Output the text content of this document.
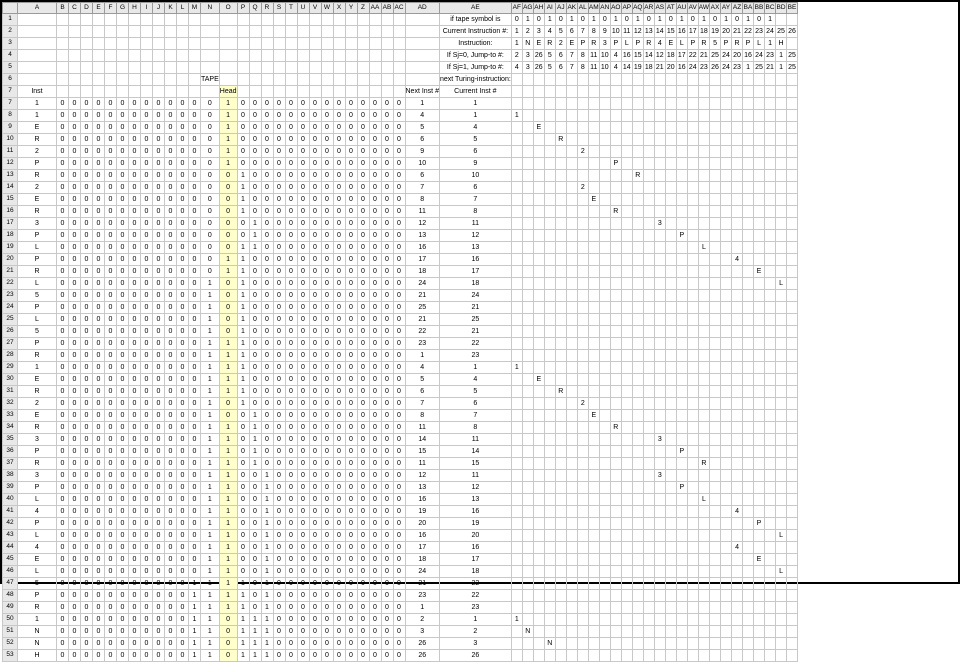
	A	B	C	D	E	F	G	H	I	J	K	L	M	N	O	P	Q	R	S	T	U	V	W	X	Y	Z	AA	AB	AC	AD	AE	AF	AG	AH	AI	AJ	AK	AL	AM	AN	AO	AP	AQ	AR	AS	AT	AU	AV	AW	AX	AY	AZ	BA	BB	BC	BD	BE
1																															if tape symbol is	0	1	0	1	0	1	0	1	0	1	0	1	0	1	0	1	0	1	0	1	0	1	0	1		
2																															Current Instruction #:	1	2	3	4	5	6	7	8	9	10	11	12	13	14	15	16	17	18	19	20	21	22	23	24	25	26
3																															Instruction:	1	N	E	R	2	E	P	R	3	P	L	P	R	4	E	L	P	R	5	P	R	P	L	1	H	
4																															If Sj=0, Jump-to #:	2	3	26	5	6	7	8	11	10	4	16	15	14	12	18	17	22	21	25	24	20	16	24	23	1	25
5																															If Sj=1, Jump-to #:	4	3	26	5	6	7	8	11	10	4	14	19	18	21	20	16	24	23	26	24	23	1	25	21	1	25
6														TAPE																	next Turing-instruction:																										
7	Inst														Head															Next Inst #	Current Inst #																										
7	1	0	0	0	0	0	0	0	0	0	0	0	0	0	1	0	0	0	0	0	0	0	0	0	0	0	0	0	0	1	1																										
8	1	0	0	0	0	0	0	0	0	0	0	0	0	0	1	0	0	0	0	0	0	0	0	0	0	0	0	0	0	4	1	1																									
9	E	0	0	0	0	0	0	0	0	0	0	0	0	0	1	0	0	0	0	0	0	0	0	0	0	0	0	0	0	5	4			E																							
10	R	0	0	0	0	0	0	0	0	0	0	0	0	0	1	0	0	0	0	0	0	0	0	0	0	0	0	0	0	6	5					R																					
11	2	0	0	0	0	0	0	0	0	0	0	0	0	0	1	0	0	0	0	0	0	0	0	0	0	0	0	0	0	9	6							2																			
12	P	0	0	0	0	0	0	0	0	0	0	0	0	0	1	0	0	0	0	0	0	0	0	0	0	0	0	0	0	10	9										P																
13	R	0	0	0	0	0	0	0	0	0	0	0	0	0	0	1	0	0	0	0	0	0	0	0	0	0	0	0	0	6	10												R														
14	2	0	0	0	0	0	0	0	0	0	0	0	0	0	0	1	0	0	0	0	0	0	0	0	0	0	0	0	0	7	6							2																			
15	E	0	0	0	0	0	0	0	0	0	0	0	0	0	0	1	0	0	0	0	0	0	0	0	0	0	0	0	0	8	7								E																		
16	R	0	0	0	0	0	0	0	0	0	0	0	0	0	0	1	0	0	0	0	0	0	0	0	0	0	0	0	0	11	8										R																
17	3	0	0	0	0	0	0	0	0	0	0	0	0	0	0	0	1	0	0	0	0	0	0	0	0	0	0	0	0	12	11														3												
18	P	0	0	0	0	0	0	0	0	0	0	0	0	0	0	0	1	0	0	0	0	0	0	0	0	0	0	0	0	13	12																P										
19	L	0	0	0	0	0	0	0	0	0	0	0	0	0	0	1	1	0	0	0	0	0	0	0	0	0	0	0	0	16	13																		L								
20	P	0	0	0	0	0	0	0	0	0	0	0	0	0	1	1	0	0	0	0	0	0	0	0	0	0	0	0	0	17	16																					4					
21	R	0	0	0	0	0	0	0	0	0	0	0	0	0	1	1	0	0	0	0	0	0	0	0	0	0	0	0	0	18	17																							E			
22	L	0	0	0	0	0	0	0	0	0	0	0	0	1	0	1	0	0	0	0	0	0	0	0	0	0	0	0	0	24	18																									L	
23	5	0	0	0	0	0	0	0	0	0	0	0	0	1	0	1	0	0	0	0	0	0	0	0	0	0	0	0	0	21	24																										
24	P	0	0	0	0	0	0	0	0	0	0	0	0	1	0	1	0	0	0	0	0	0	0	0	0	0	0	0	0	25	21																										
25	L	0	0	0	0	0	0	0	0	0	0	0	0	1	0	1	0	0	0	0	0	0	0	0	0	0	0	0	0	21	25																										
26	5	0	0	0	0	0	0	0	0	0	0	0	0	1	0	1	0	0	0	0	0	0	0	0	0	0	0	0	0	22	21																										
27	P	0	0	0	0	0	0	0	0	0	0	0	0	1	1	1	0	0	0	0	0	0	0	0	0	0	0	0	0	23	22																										
28	R	0	0	0	0	0	0	0	0	0	0	0	0	1	1	1	0	0	0	0	0	0	0	0	0	0	0	0	0	1	23																										
29	1	0	0	0	0	0	0	0	0	0	0	0	0	1	1	1	0	0	0	0	0	0	0	0	0	0	0	0	0	4	1	1																									
30	E	0	0	0	0	0	0	0	0	0	0	0	0	1	1	1	0	0	0	0	0	0	0	0	0	0	0	0	0	5	4			E																							
31	R	0	0	0	0	0	0	0	0	0	0	0	0	1	1	1	0	0	0	0	0	0	0	0	0	0	0	0	0	6	5					R																					
32	2	0	0	0	0	0	0	0	0	0	0	0	0	1	0	1	0	0	0	0	0	0	0	0	0	0	0	0	0	7	6							2																			
33	E	0	0	0	0	0	0	0	0	0	0	0	0	1	0	0	1	0	0	0	0	0	0	0	0	0	0	0	0	8	7								E																		
34	R	0	0	0	0	0	0	0	0	0	0	0	0	1	1	0	1	0	0	0	0	0	0	0	0	0	0	0	0	11	8										R																
35	3	0	0	0	0	0	0	0	0	0	0	0	0	1	1	0	1	0	0	0	0	0	0	0	0	0	0	0	0	14	11														3												
36	P	0	0	0	0	0	0	0	0	0	0	0	0	1	1	0	1	0	0	0	0	0	0	0	0	0	0	0	0	15	14																P										
37	R	0	0	0	0	0	0	0	0	0	0	0	0	1	1	0	1	0	0	0	0	0	0	0	0	0	0	0	0	11	15																		R								
38	3	0	0	0	0	0	0	0	0	0	0	0	0	1	1	0	0	1	0	0	0	0	0	0	0	0	0	0	0	12	11														3												
39	P	0	0	0	0	0	0	0	0	0	0	0	0	1	1	0	0	1	0	0	0	0	0	0	0	0	0	0	0	13	12																P										
40	L	0	0	0	0	0	0	0	0	0	0	0	0	1	1	0	0	1	0	0	0	0	0	0	0	0	0	0	0	16	13																		L								
41	4	0	0	0	0	0	0	0	0	0	0	0	0	1	1	0	0	1	0	0	0	0	0	0	0	0	0	0	0	19	16																					4					
42	P	0	0	0	0	0	0	0	0	0	0	0	0	1	1	0	0	1	0	0	0	0	0	0	0	0	0	0	0	20	19																							P			
43	L	0	0	0	0	0	0	0	0	0	0	0	0	1	1	0	0	1	0	0	0	0	0	0	0	0	0	0	0	16	20																									L	
44	4	0	0	0	0	0	0	0	0	0	0	0	0	1	1	0	0	1	0	0	0	0	0	0	0	0	0	0	0	17	16																					4					
45	E	0	0	0	0	0	0	0	0	0	0	0	0	1	1	0	0	1	0	0	0	0	0	0	0	0	0	0	0	18	17																							E			
46	L	0	0	0	0	0	0	0	0	0	0	0	0	1	1	0	0	1	0	0	0	0	0	0	0	0	0	0	0	24	18																									L	
47	5	0	0	0	0	0	0	0	0	0	0	0	1	1	1	1	0	1	0	0	0	0	0	0	0	0	0	0	0	21	22																										
48	P	0	0	0	0	0	0	0	0	0	0	0	1	1	1	1	0	1	0	0	0	0	0	0	0	0	0	0	0	23	22																										
49	R	0	0	0	0	0	0	0	0	0	0	0	1	1	1	1	0	1	0	0	0	0	0	0	0	0	0	0	0	1	23																										
50	1	0	0	0	0	0	0	0	0	0	0	0	1	1	0	1	1	1	0	0	0	0	0	0	0	0	0	0	0	2	1	1																									
51	N	0	0	0	0	0	0	0	0	0	0	0	1	1	0	1	1	1	0	0	0	0	0	0	0	0	0	0	0	3	2		N																								
52	N	0	0	0	0	0	0	0	0	0	0	0	1	1	0	1	1	1	0	0	0	0	0	0	0	0	0	0	0	26	3				N																						
53	H	0	0	0	0	0	0	0	0	0	0	0	1	1	0	1	1	1	0	0	0	0	0	0	0	0	0	0	0	26	26																										
